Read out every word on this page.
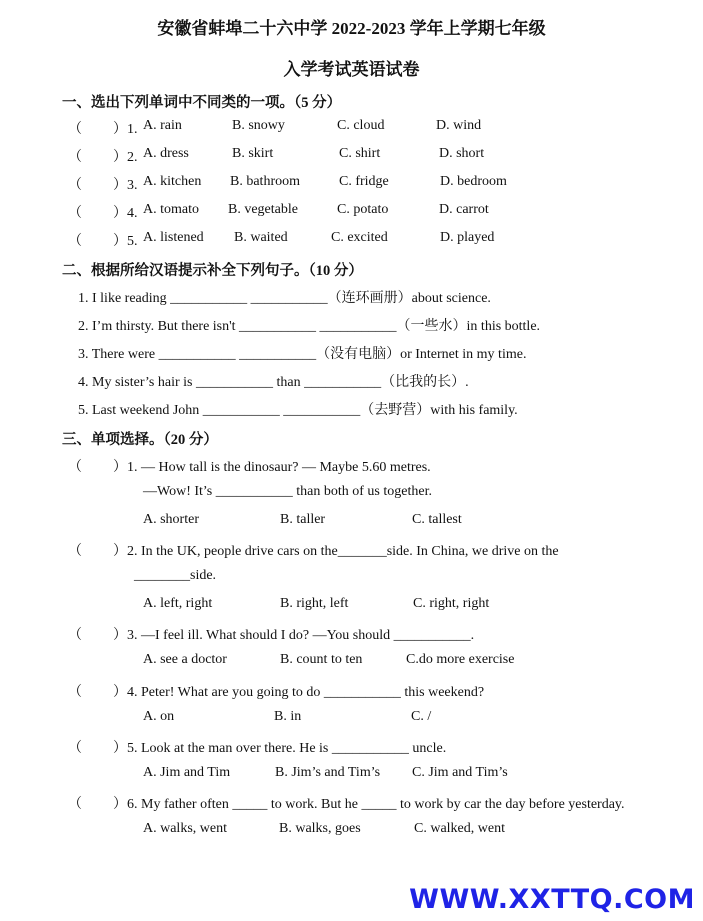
安徽省蚌埠二十六中学 2022-2023 学年上学期七年级
入学考试英语试卷
一、选出下列单词中不同类的一项。（5 分）
（ ）1. A. rain	B. snowy	C. cloud	D. wind
（ ）2. A. dress	B. skirt	C. shirt	D. short
（ ）3. A. kitchen B. bathroom	C. fridge	D. bedroom
（ ）4. A. tomato B. vegetable	C. potato	D. carrot
（ ）5. A. listened B. waited	C. excited	D. played
二、根据所给汉语提示补全下列句子。（10 分）
1. I like reading ___________ ___________（连环画册）about science.
2. I’m thirsty. But there isn't ___________ ___________（一些水）in this bottle.
3. There were ___________ ___________（没有电脑）or Internet in my time.
4. My sister’s hair is ___________ than ___________（比我的长）.
5. Last weekend John ___________ ___________（去野营）with his family.
三、单项选择。（20 分）
（ ）1. — How tall is the dinosaur? — Maybe 5.60 metres.
—Wow! It’s ___________ than both of us together.
A. shorter	B. taller	C. tallest
（ ）2. In the UK, people drive cars on the_______side. In China, we drive on the
________side.
A. left, right	B. right, left	C. right, right
（ ）3. —I feel ill. What should I do? —You should ___________.
A. see a doctor	B. count to ten	C.do more exercise
（ ）4. Peter! What are you going to do ___________ this weekend?
A. on	B. in	C. /
（ ）5. Look at the man over there. He is ___________ uncle.
A. Jim and Tim	B. Jim’s and Tim’s C. Jim and Tim’s
（ ）6. My father often _____ to work. But he _____ to work by car the day before yesterday.
A. walks, went	B. walks, goes	C. walked, went
WWW.XXTTQ.COM
